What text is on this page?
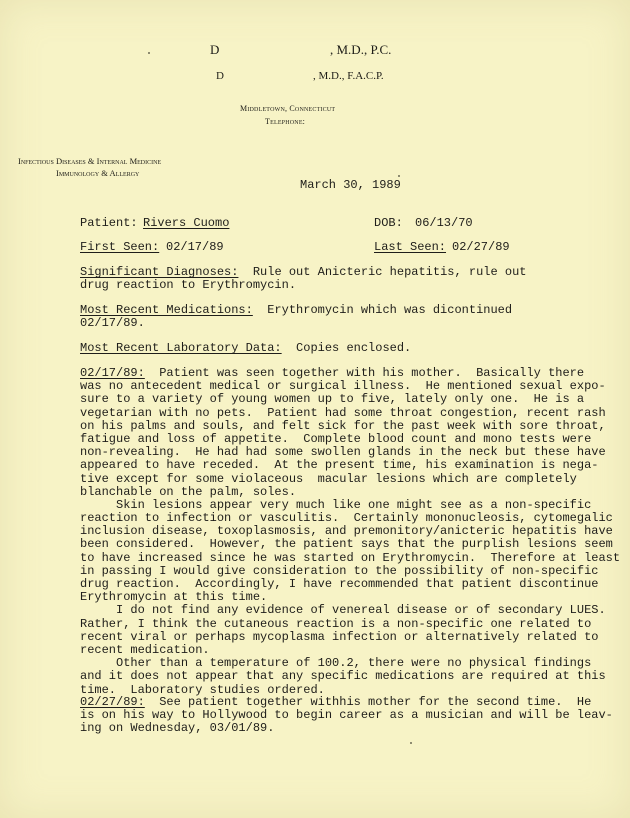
D	, M.D., P.C.
D	, M.D., F.A.C.P.
Middletown, Connecticut
Telephone:
Infectious Diseases & Internal Medicine
Immunology & Allergy
March 30, 1989
Patient: Rivers Cuomo	DOB: 06/13/70
First Seen: 02/17/89	Last Seen: 02/27/89
Significant Diagnoses:  Rule out Anicteric hepatitis, rule out
drug reaction to Erythromycin.
Most Recent Medications:  Erythromycin which was dicontinued
02/17/89.
Most Recent Laboratory Data:  Copies enclosed.
02/17/89:  Patient was seen together with his mother.  Basically there
was no antecedent medical or surgical illness.  He mentioned sexual expo-
sure to a variety of young women up to five, lately only one.  He is a
vegetarian with no pets.  Patient had some throat congestion, recent rash
on his palms and souls, and felt sick for the past week with sore throat,
fatigue and loss of appetite.  Complete blood count and mono tests were
non-revealing.  He had had some swollen glands in the neck but these have
appeared to have receded.  At the present time, his examination is nega-
tive except for some violaceous  macular lesions which are completely
blanchable on the palm, soles.
Skin lesions appear very much like one might see as a non-specific
reaction to infection or vasculitis.  Certainly mononucleosis, cytomegalic
inclusion disease, toxoplasmosis, and premonitory/anicteric hepatitis have
been considered.  However, the patient says that the purplish lesions seem
to have increased since he was started on Erythromycin.  Therefore at least
in passing I would give consideration to the possibility of non-specific
drug reaction.  Accordingly, I have recommended that patient discontinue
Erythromycin at this time.
I do not find any evidence of venereal disease or of secondary LUES.
Rather, I think the cutaneous reaction is a non-specific one related to
recent viral or perhaps mycoplasma infection or alternatively related to
recent medication.
Other than a temperature of 100.2, there were no physical findings
and it does not appear that any specific medications are required at this
time.  Laboratory studies ordered.
02/27/89:  See patient together withhis mother for the second time.  He
is on his way to Hollywood to begin career as a musician and will be leav-
ing on Wednesday, 03/01/89.
